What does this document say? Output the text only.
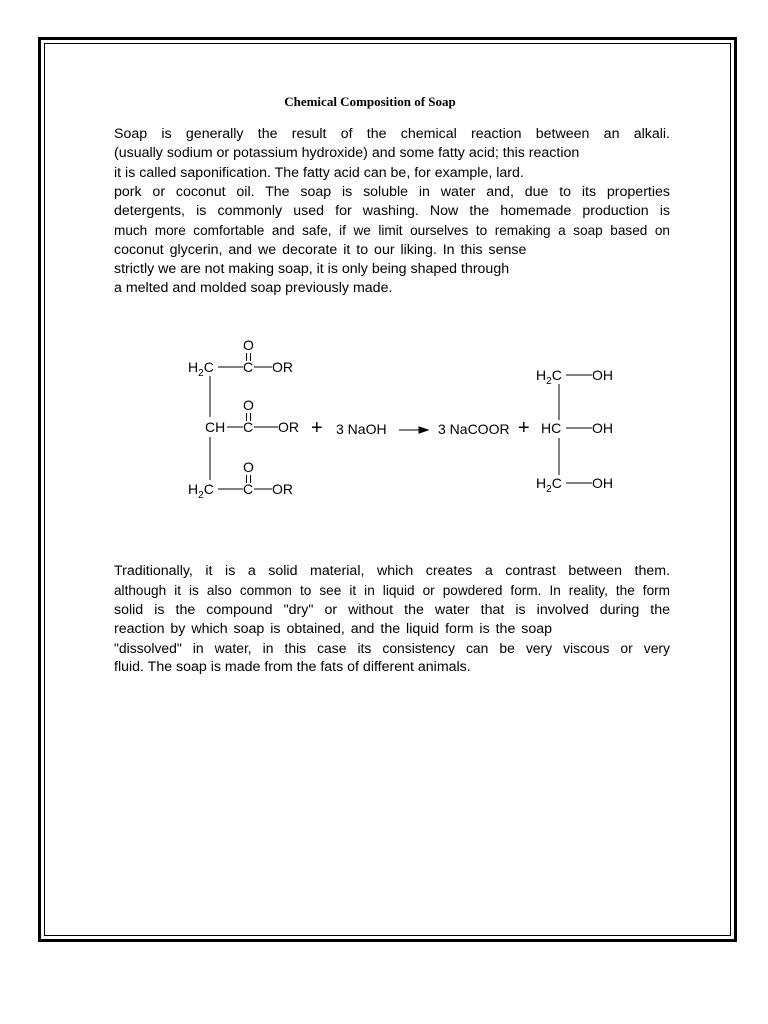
Chemical Composition of Soap
Soap is generally the result of the chemical reaction between an alkali.
(usually sodium or potassium hydroxide) and some fatty acid; this reaction
it is called saponification. The fatty acid can be, for example, lard.
pork or coconut oil. The soap is soluble in water and, due to its properties
detergents, is commonly used for washing. Now the homemade production is
much more comfortable and safe, if we limit ourselves to remaking a soap based on
coconut glycerin, and we decorate it to our liking. In this sense
strictly we are not making soap, it is only being shaped through
a melted and molded soap previously made.
O
$H_2C$ C OR
O
CH C OR
O
$H_2C$ C OR
+ 3 NaOH	3 NaCOOR +
$H_2C$ OH
HC OH
$H_2C$ OH
Traditionally, it is a solid material, which creates a contrast between them.
although it is also common to see it in liquid or powdered form. In reality, the form
solid is the compound "dry" or without the water that is involved during the
reaction by which soap is obtained, and the liquid form is the soap
"dissolved" in water, in this case its consistency can be very viscous or very
fluid. The soap is made from the fats of different animals.
